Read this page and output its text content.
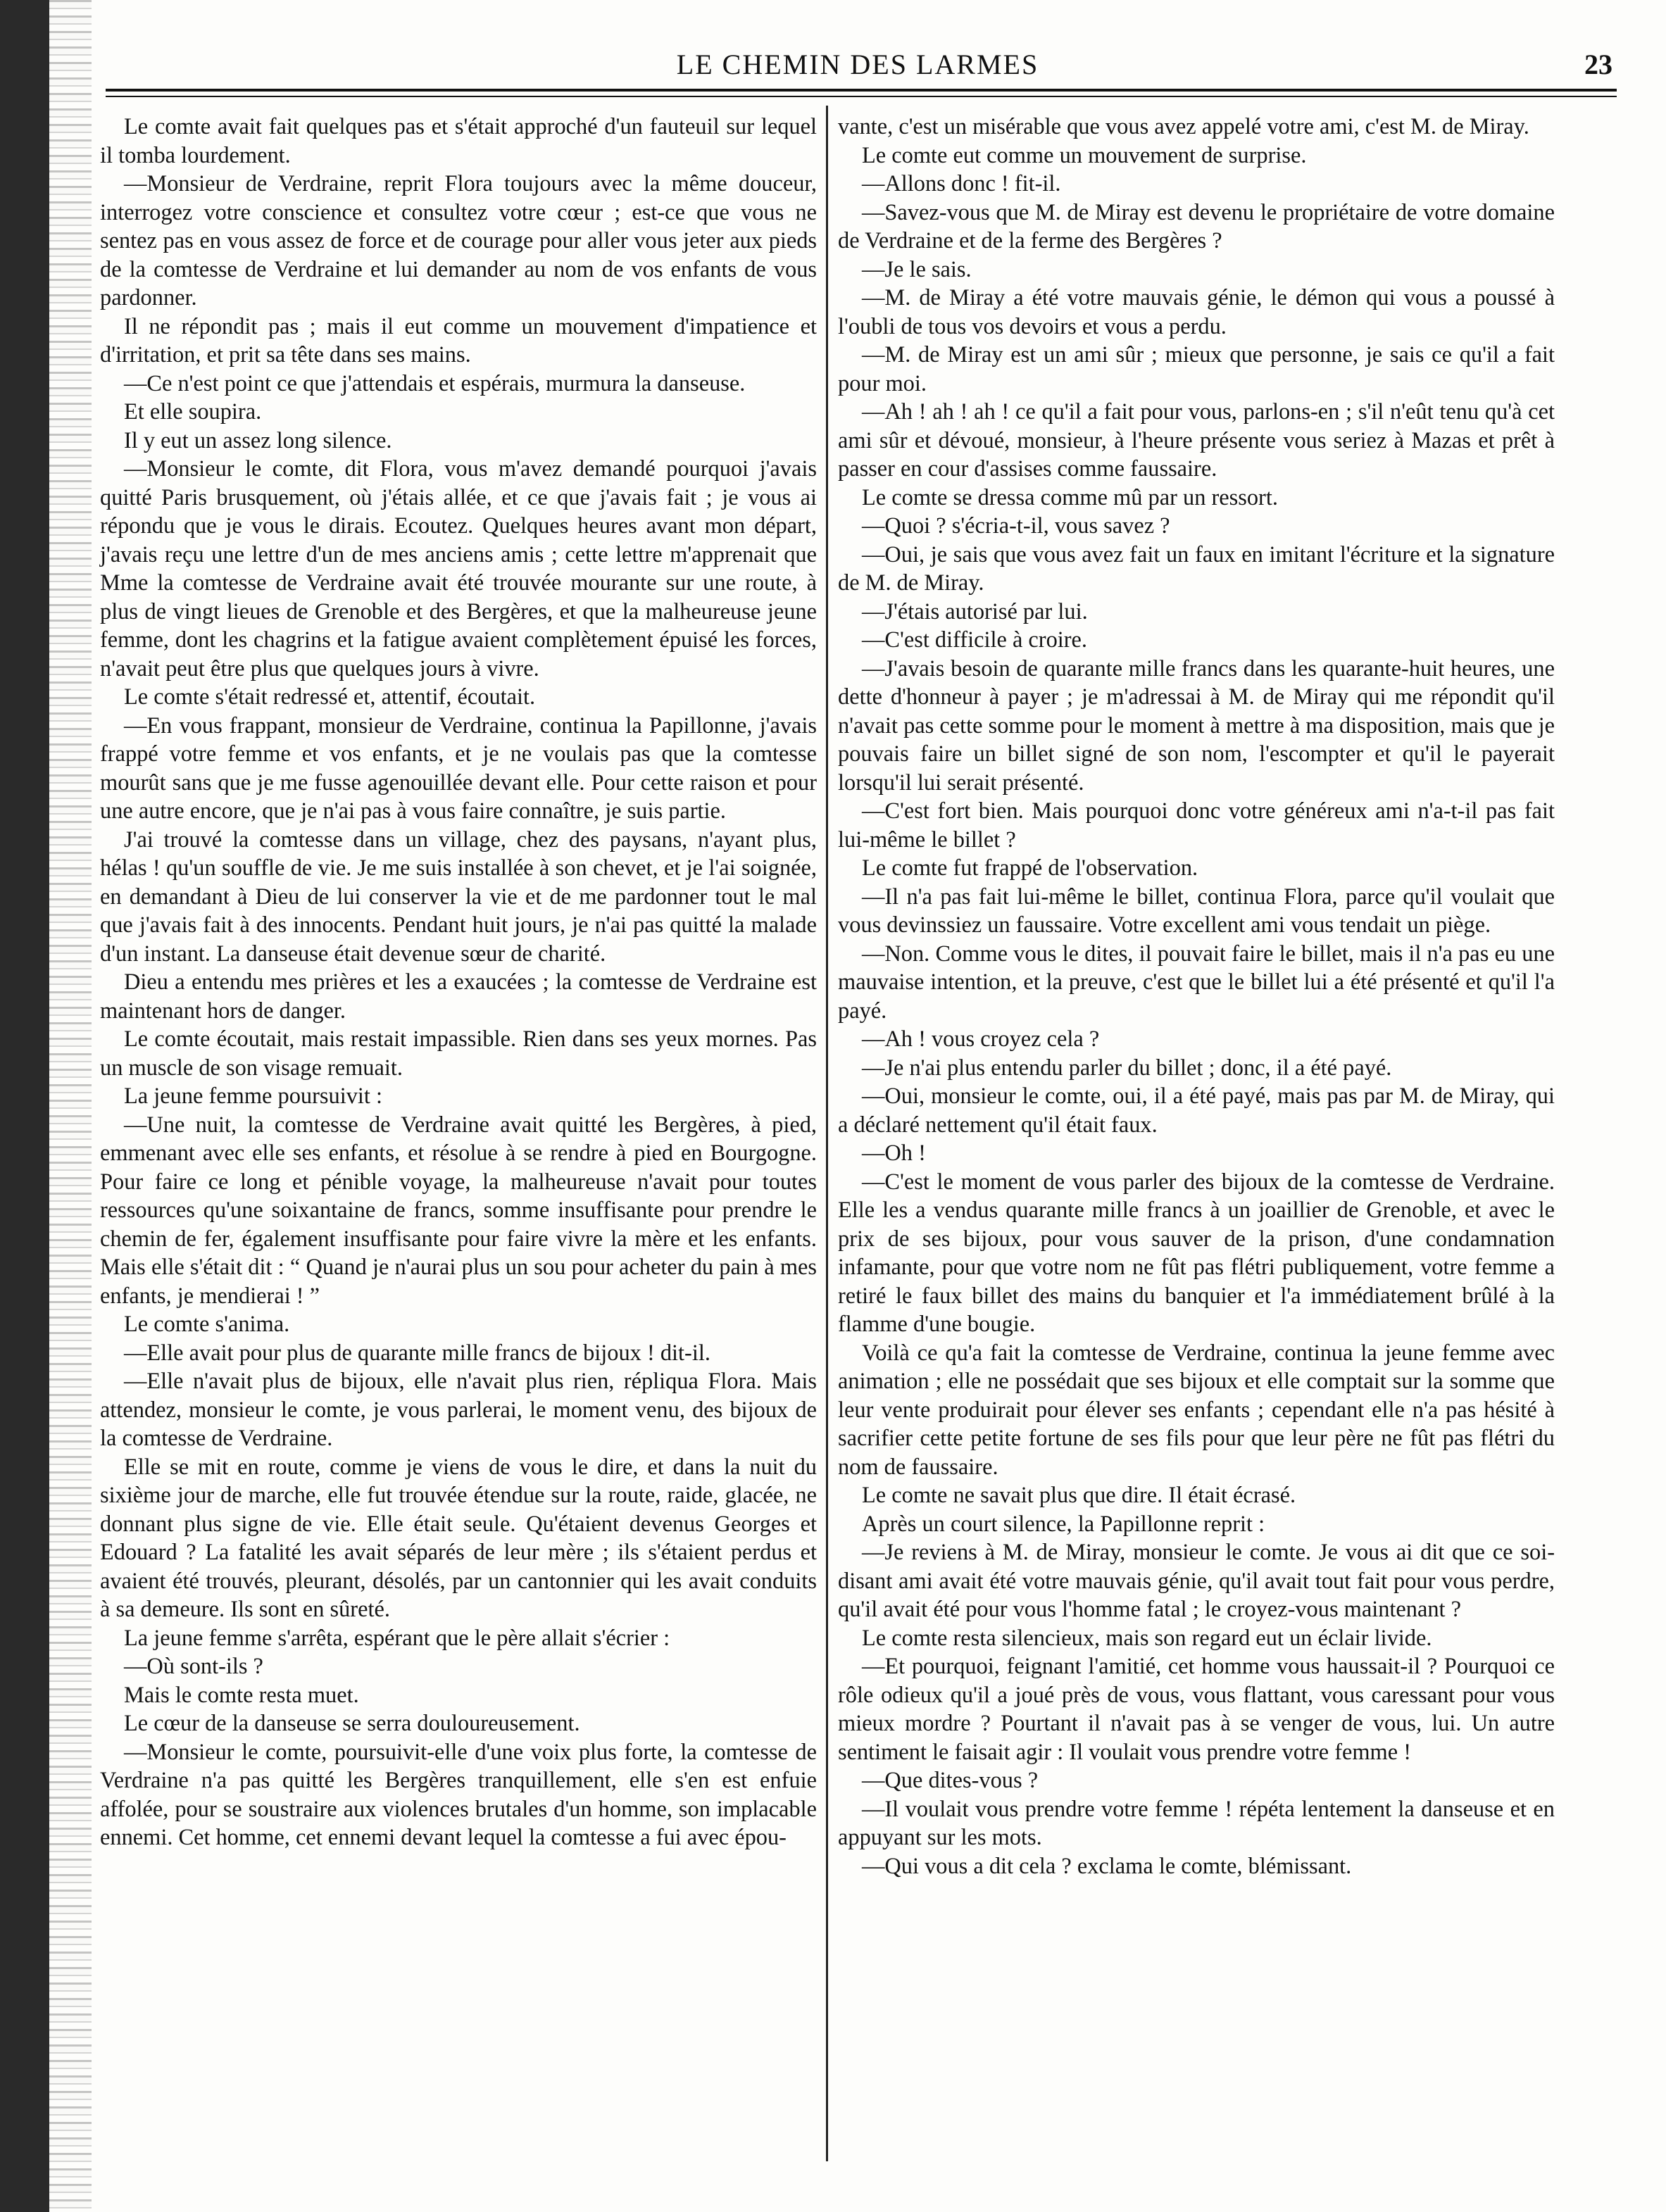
LE CHEMIN DES LARMES	23

Le comte avait fait quelques pas et s'était approché d'un fauteuil sur lequel il tomba lourdement.

—Monsieur de Verdraine, reprit Flora toujours avec la même douceur, interrogez votre conscience et consultez votre cœur ; est-ce que vous ne sentez pas en vous assez de force et de courage pour aller vous jeter aux pieds de la comtesse de Verdraine et lui demander au nom de vos enfants de vous pardonner.

Il ne répondit pas ; mais il eut comme un mouvement d'impatience et d'irritation, et prit sa tête dans ses mains.

—Ce n'est point ce que j'attendais et espérais, murmura la danseuse.

Et elle soupira.

Il y eut un assez long silence.

—Monsieur le comte, dit Flora, vous m'avez demandé pourquoi j'avais quitté Paris brusquement, où j'étais allée, et ce que j'avais fait ; je vous ai répondu que je vous le dirais. Ecoutez. Quelques heures avant mon départ, j'avais reçu une lettre d'un de mes anciens amis ; cette lettre m'apprenait que Mme la comtesse de Verdraine avait été trouvée mourante sur une route, à plus de vingt lieues de Grenoble et des Bergères, et que la malheureuse jeune femme, dont les chagrins et la fatigue avaient complètement épuisé les forces, n'avait peut être plus que quelques jours à vivre.

Le comte s'était redressé et, attentif, écoutait.

—En vous frappant, monsieur de Verdraine, continua la Papillonne, j'avais frappé votre femme et vos enfants, et je ne voulais pas que la comtesse mourût sans que je me fusse agenouillée devant elle. Pour cette raison et pour une autre encore, que je n'ai pas à vous faire connaître, je suis partie.

J'ai trouvé la comtesse dans un village, chez des paysans, n'ayant plus, hélas ! qu'un souffle de vie. Je me suis installée à son chevet, et je l'ai soignée, en demandant à Dieu de lui conserver la vie et de me pardonner tout le mal que j'avais fait à des innocents. Pendant huit jours, je n'ai pas quitté la malade d'un instant. La danseuse était devenue sœur de charité.

Dieu a entendu mes prières et les a exaucées ; la comtesse de Verdraine est maintenant hors de danger.

Le comte écoutait, mais restait impassible. Rien dans ses yeux mornes. Pas un muscle de son visage remuait.

La jeune femme poursuivit :

—Une nuit, la comtesse de Verdraine avait quitté les Bergères, à pied, emmenant avec elle ses enfants, et résolue à se rendre à pied en Bourgogne. Pour faire ce long et pénible voyage, la malheureuse n'avait pour toutes ressources qu'une soixantaine de francs, somme insuffisante pour prendre le chemin de fer, également insuffisante pour faire vivre la mère et les enfants. Mais elle s'était dit : “ Quand je n'aurai plus un sou pour acheter du pain à mes enfants, je mendierai ! ”

Le comte s'anima.

—Elle avait pour plus de quarante mille francs de bijoux ! dit-il.

—Elle n'avait plus de bijoux, elle n'avait plus rien, répliqua Flora. Mais attendez, monsieur le comte, je vous parlerai, le moment venu, des bijoux de la comtesse de Verdraine.

Elle se mit en route, comme je viens de vous le dire, et dans la nuit du sixième jour de marche, elle fut trouvée étendue sur la route, raide, glacée, ne donnant plus signe de vie. Elle était seule. Qu'étaient devenus Georges et Edouard ? La fatalité les avait séparés de leur mère ; ils s'étaient perdus et avaient été trouvés, pleurant, désolés, par un cantonnier qui les avait conduits à sa demeure. Ils sont en sûreté.

La jeune femme s'arrêta, espérant que le père allait s'écrier :

—Où sont-ils ?

Mais le comte resta muet.

Le cœur de la danseuse se serra douloureusement.

—Monsieur le comte, poursuivit-elle d'une voix plus forte, la comtesse de Verdraine n'a pas quitté les Bergères tranquillement, elle s'en est enfuie affolée, pour se soustraire aux violences brutales d'un homme, son implacable ennemi. Cet homme, cet ennemi devant lequel la comtesse a fui avec épou-

vante, c'est un misérable que vous avez appelé votre ami, c'est M. de Miray.

Le comte eut comme un mouvement de surprise.

—Allons donc ! fit-il.

—Savez-vous que M. de Miray est devenu le propriétaire de votre domaine de Verdraine et de la ferme des Bergères ?

—Je le sais.

—M. de Miray a été votre mauvais génie, le démon qui vous a poussé à l'oubli de tous vos devoirs et vous a perdu.

—M. de Miray est un ami sûr ; mieux que personne, je sais ce qu'il a fait pour moi.

—Ah ! ah ! ah ! ce qu'il a fait pour vous, parlons-en ; s'il n'eût tenu qu'à cet ami sûr et dévoué, monsieur, à l'heure présente vous seriez à Mazas et prêt à passer en cour d'assises comme faussaire.

Le comte se dressa comme mû par un ressort.

—Quoi ? s'écria-t-il, vous savez ?

—Oui, je sais que vous avez fait un faux en imitant l'écriture et la signature de M. de Miray.

—J'étais autorisé par lui.

—C'est difficile à croire.

—J'avais besoin de quarante mille francs dans les quarante-huit heures, une dette d'honneur à payer ; je m'adressai à M. de Miray qui me répondit qu'il n'avait pas cette somme pour le moment à mettre à ma disposition, mais que je pouvais faire un billet signé de son nom, l'escompter et qu'il le payerait lorsqu'il lui serait présenté.

—C'est fort bien. Mais pourquoi donc votre généreux ami n'a-t-il pas fait lui-même le billet ?

Le comte fut frappé de l'observation.

—Il n'a pas fait lui-même le billet, continua Flora, parce qu'il voulait que vous devinssiez un faussaire. Votre excellent ami vous tendait un piège.

—Non. Comme vous le dites, il pouvait faire le billet, mais il n'a pas eu une mauvaise intention, et la preuve, c'est que le billet lui a été présenté et qu'il l'a payé.

—Ah ! vous croyez cela ?

—Je n'ai plus entendu parler du billet ; donc, il a été payé.

—Oui, monsieur le comte, oui, il a été payé, mais pas par M. de Miray, qui a déclaré nettement qu'il était faux.

—Oh !

—C'est le moment de vous parler des bijoux de la comtesse de Verdraine. Elle les a vendus quarante mille francs à un joaillier de Grenoble, et avec le prix de ses bijoux, pour vous sauver de la prison, d'une condamnation infamante, pour que votre nom ne fût pas flétri publiquement, votre femme a retiré le faux billet des mains du banquier et l'a immédiatement brûlé à la flamme d'une bougie.

Voilà ce qu'a fait la comtesse de Verdraine, continua la jeune femme avec animation ; elle ne possédait que ses bijoux et elle comptait sur la somme que leur vente produirait pour élever ses enfants ; cependant elle n'a pas hésité à sacrifier cette petite fortune de ses fils pour que leur père ne fût pas flétri du nom de faussaire.

Le comte ne savait plus que dire. Il était écrasé.

Après un court silence, la Papillonne reprit :

—Je reviens à M. de Miray, monsieur le comte. Je vous ai dit que ce soi-disant ami avait été votre mauvais génie, qu'il avait tout fait pour vous perdre, qu'il avait été pour vous l'homme fatal ; le croyez-vous maintenant ?

Le comte resta silencieux, mais son regard eut un éclair livide.

—Et pourquoi, feignant l'amitié, cet homme vous haussait-il ? Pourquoi ce rôle odieux qu'il a joué près de vous, vous flattant, vous caressant pour vous mieux mordre ? Pourtant il n'avait pas à se venger de vous, lui. Un autre sentiment le faisait agir : Il voulait vous prendre votre femme !

—Que dites-vous ?

—Il voulait vous prendre votre femme ! répéta lentement la danseuse et en appuyant sur les mots.

—Qui vous a dit cela ? exclama le comte, blémissant.
